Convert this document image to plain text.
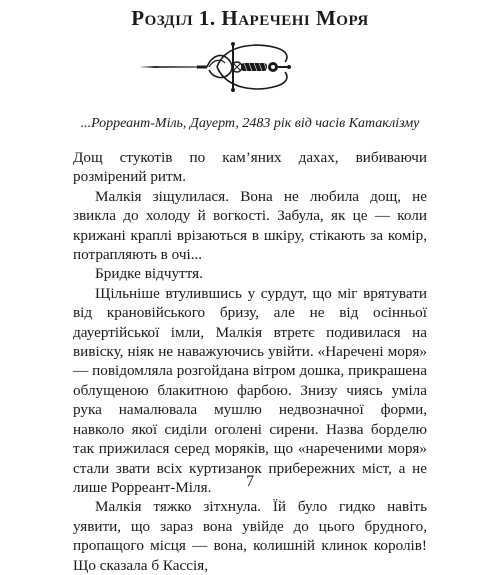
Розділ 1. Наречені Моря
...Рорреант-Міль, Дауерт, 2483 рік від часів Катаклізму

Дощ стукотів по кам’яних дахах, вибиваючи розмірений ритм.

Малкія зіщулилася. Вона не любила дощ, не звикла до холоду й вогкості. Забула, як це — коли крижані краплі врізаються в шкіру, стікають за комір, потрапляють в очі...

Бридке відчуття.

Щільніше втулившись у сурдут, що міг врятувати від крановійського бризу, але не від осінньої дауертійської імли, Малкія втретє подивилася на вивіску, ніяк не наважуючись увійти. «Наречені моря» — повідомляла розгойдана вітром дошка, прикрашена облущеною блакитною фарбою. Знизу чиясь уміла рука намалювала мушлю недвозначної форми, навколо якої сиділи оголені сирени. Назва борделю так прижилася серед моряків, що «нареченими моря» стали звати всіх куртизанок прибережних міст, а не лише Рорреант-Міля.

Малкія тяжко зітхнула. Їй було гидко навіть уявити, що зараз вона увійде до цього брудного, пропащого місця — вона, колишній клинок королів! Що сказала б Кассія,

7
